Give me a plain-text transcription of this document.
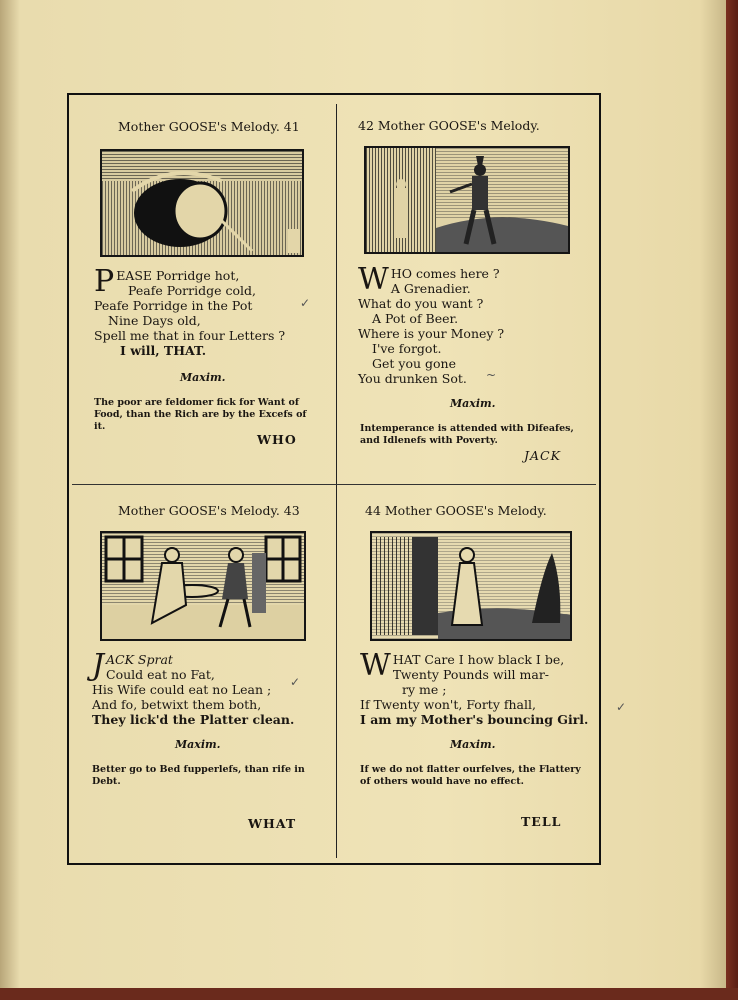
Mother GOOSE's Melody. 41
P EASE Porridge hot,
Peafe Porridge cold,
Peafe Porridge in the Pot
Nine Days old,
Spell me that in four Letters ?
I will, THAT.
Maxim.
The poor are feldomer fick for Want of Food, than the Rich are by the Excefs of it.
WHO
✓
42 Mother GOOSE's Melody.
W HO comes here ?
A Grenadier.
What do you want ?
A Pot of Beer.
Where is your Money ?
I've forgot.
Get you gone
You drunken Sot.
Maxim.
Intemperance is attended with Difeafes, and Idlenefs with Poverty.
JACK
~
Mother GOOSE's Melody. 43
J ACK Sprat
Could eat no Fat,
His Wife could eat no Lean ;
And fo, betwixt them both,
They lick'd the Platter clean.
Maxim.
Better go to Bed fupperlefs, than rife in Debt.
WHAT
✓
44 Mother GOOSE's Melody.
W HAT Care I how black I be,
Twenty Pounds will mar-
ry me ;
If Twenty won't, Forty fhall,
I am my Mother's bouncing Girl.
Maxim.
If we do not flatter ourfelves, the Flattery of others would have no effect.
TELL
✓
